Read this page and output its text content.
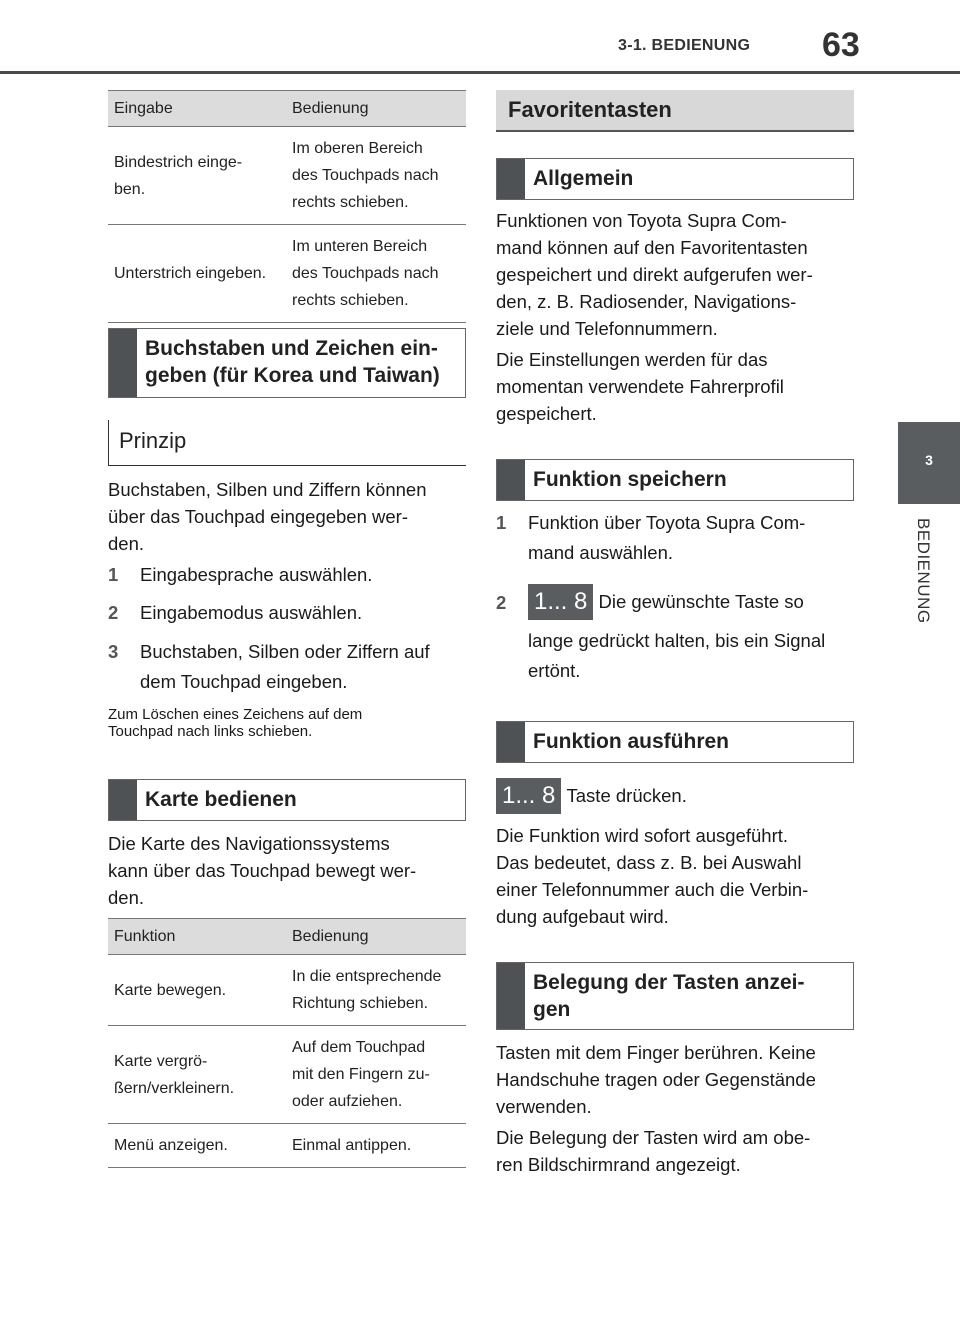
3-1. BEDIENUNG 63
3
BEDIENUNG
Eingabe	Bedienung
Bindestrich einge-
ben.	Im oberen Bereich
des Touchpads nach
rechts schieben.
Unterstrich eingeben.	Im unteren Bereich
des Touchpads nach
rechts schieben.
Buchstaben und Zeichen ein-
geben (für Korea und Taiwan)
Prinzip
Buchstaben, Silben und Ziffern können
über das Touchpad eingegeben wer-
den.
1	Eingabesprache auswählen.
2	Eingabemodus auswählen.
3	Buchstaben, Silben oder Ziffern auf
dem Touchpad eingeben.
Zum Löschen eines Zeichens auf dem
Touchpad nach links schieben.
Karte bedienen
Die Karte des Navigationssystems
kann über das Touchpad bewegt wer-
den.
Funktion	Bedienung
Karte bewegen.	In die entsprechende
Richtung schieben.
Karte vergrö-
ßern/verkleinern.	Auf dem Touchpad
mit den Fingern zu-
oder aufziehen.
Menü anzeigen.	Einmal antippen.
Favoritentasten
Allgemein
Funktionen von Toyota Supra Com-
mand können auf den Favoritentasten
gespeichert und direkt aufgerufen wer-
den, z. B. Radiosender, Navigations-
ziele und Telefonnummern.
Die Einstellungen werden für das
momentan verwendete Fahrerprofil
gespeichert.
Funktion speichern
1	Funktion über Toyota Supra Com-
mand auswählen.
2	1... 8 Die gewünschte Taste so
lange gedrückt halten, bis ein Signal
ertönt.
Funktion ausführen
1... 8 Taste drücken.
Die Funktion wird sofort ausgeführt.
Das bedeutet, dass z. B. bei Auswahl
einer Telefonnummer auch die Verbin-
dung aufgebaut wird.
Belegung der Tasten anzei-
gen
Tasten mit dem Finger berühren. Keine
Handschuhe tragen oder Gegenstände
verwenden.
Die Belegung der Tasten wird am obe-
ren Bildschirmrand angezeigt.
